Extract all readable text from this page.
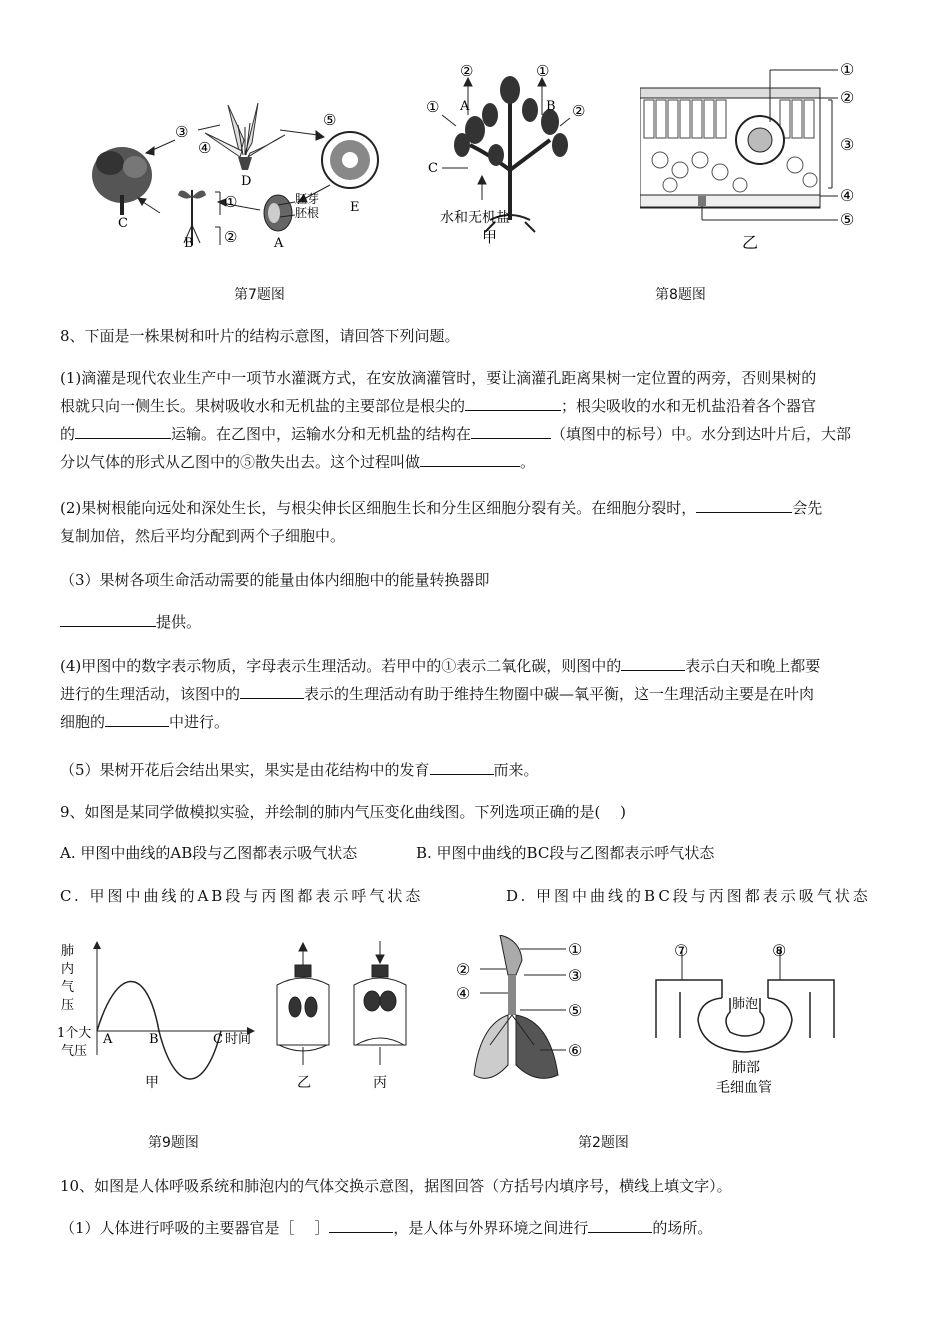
③
④
⑤
①
②
D
C
B	A
E
胚芽
胚根
第7题图
②	①
A	B
①	②
C
水和无机盐
甲
①
②
③
④
⑤
乙
第8题图
8、下面是一株果树和叶片的结构示意图，请回答下列问题。
(1)滴灌是现代农业生产中一项节水灌溉方式，在安放滴灌管时，要让滴灌孔距离果树一定位置的两旁，否则果树的
根就只向一侧生长。果树吸收水和无机盐的主要部位是根尖的	；根尖吸收的水和无机盐沿着各个器官
的	运输。在乙图中，运输水分和无机盐的结构在	（填图中的标号）中。水分到达叶片后，大部
分以气体的形式从乙图中的⑤散失出去。这个过程叫做	。
(2)果树根能向远处和深处生长，与根尖伸长区细胞生长和分生区细胞分裂有关。在细胞分裂时，	会先
复制加倍，然后平均分配到两个子细胞中。
（3）果树各项生命活动需要的能量由体内细胞中的能量转换器即
提供。
(4)甲图中的数字表示物质，字母表示生理活动。若甲中的①表示二氧化碳，则图中的	表示白天和晚上都要
进行的生理活动，该图中的	表示的生理活动有助于维持生物圈中碳—氧平衡，这一生理活动主要是在叶肉
细胞的	中进行。
（5）果树开花后会结出果实，果实是由花结构中的发育	而来。
9、如图是某同学做模拟实验，并绘制的肺内气压变化曲线图。下列选项正确的是(　 )
A. 甲图中曲线的AB段与乙图都表示吸气状态	B. 甲图中曲线的BC段与乙图都表示呼气状态
C. 甲图中曲线的AB段与丙图都表示呼气状态	D. 甲图中曲线的BC段与丙图都表示吸气状态
肺
内
气
压
1个大
气压
A	B	C 时间
甲	乙	丙
第9题图
①
②	③
④
⑤
⑥
⑦	⑧
肺泡
肺部
毛细血管
第2题图
10、如图是人体呼吸系统和肺泡内的气体交换示意图，据图回答（方括号内填序号，横线上填文字）。
（1）人体进行呼吸的主要器官是［　 ］	，是人体与外界环境之间进行	的场所。
